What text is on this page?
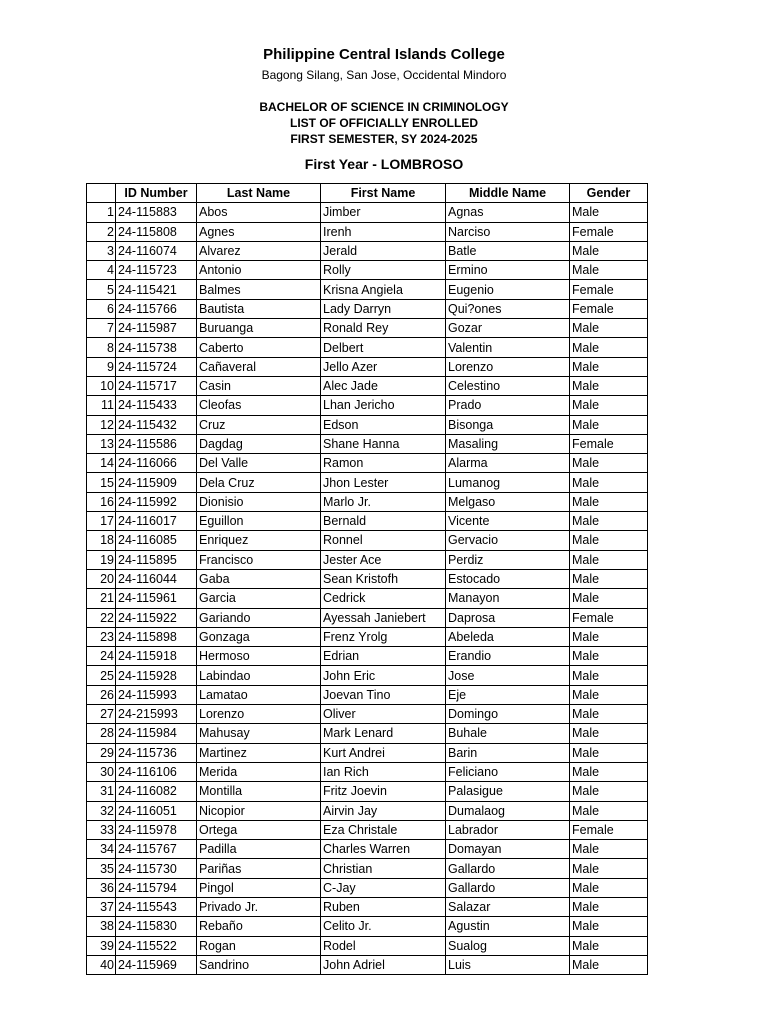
Philippine Central Islands College
Bagong Silang, San Jose, Occidental Mindoro
BACHELOR OF SCIENCE IN CRIMINOLOGY
LIST OF OFFICIALLY ENROLLED
FIRST SEMESTER, SY 2024-2025
First Year - LOMBROSO
	ID Number	Last Name	First Name	Middle Name	Gender
1	24-115883	Abos	Jimber	Agnas	Male
2	24-115808	Agnes	Irenh	Narciso	Female
3	24-116074	Alvarez	Jerald	Batle	Male
4	24-115723	Antonio	Rolly	Ermino	Male
5	24-115421	Balmes	Krisna Angiela	Eugenio	Female
6	24-115766	Bautista	Lady Darryn	Qui?ones	Female
7	24-115987	Buruanga	Ronald Rey	Gozar	Male
8	24-115738	Caberto	Delbert	Valentin	Male
9	24-115724	Cañaveral	Jello Azer	Lorenzo	Male
10	24-115717	Casin	Alec Jade	Celestino	Male
11	24-115433	Cleofas	Lhan Jericho	Prado	Male
12	24-115432	Cruz	Edson	Bisonga	Male
13	24-115586	Dagdag	Shane Hanna	Masaling	Female
14	24-116066	Del Valle	Ramon	Alarma	Male
15	24-115909	Dela Cruz	Jhon Lester	Lumanog	Male
16	24-115992	Dionisio	Marlo Jr.	Melgaso	Male
17	24-116017	Eguillon	Bernald	Vicente	Male
18	24-116085	Enriquez	Ronnel	Gervacio	Male
19	24-115895	Francisco	Jester Ace	Perdiz	Male
20	24-116044	Gaba	Sean Kristofh	Estocado	Male
21	24-115961	Garcia	Cedrick	Manayon	Male
22	24-115922	Gariando	Ayessah Janiebert	Daprosa	Female
23	24-115898	Gonzaga	Frenz Yrolg	Abeleda	Male
24	24-115918	Hermoso	Edrian	Erandio	Male
25	24-115928	Labindao	John Eric	Jose	Male
26	24-115993	Lamatao	Joevan Tino	Eje	Male
27	24-215993	Lorenzo	Oliver	Domingo	Male
28	24-115984	Mahusay	Mark Lenard	Buhale	Male
29	24-115736	Martinez	Kurt Andrei	Barin	Male
30	24-116106	Merida	Ian Rich	Feliciano	Male
31	24-116082	Montilla	Fritz Joevin	Palasigue	Male
32	24-116051	Nicopior	Airvin Jay	Dumalaog	Male
33	24-115978	Ortega	Eza Christale	Labrador	Female
34	24-115767	Padilla	Charles Warren	Domayan	Male
35	24-115730	Pariñas	Christian	Gallardo	Male
36	24-115794	Pingol	C-Jay	Gallardo	Male
37	24-115543	Privado Jr.	Ruben	Salazar	Male
38	24-115830	Rebaño	Celito Jr.	Agustin	Male
39	24-115522	Rogan	Rodel	Sualog	Male
40	24-115969	Sandrino	John Adriel	Luis	Male
